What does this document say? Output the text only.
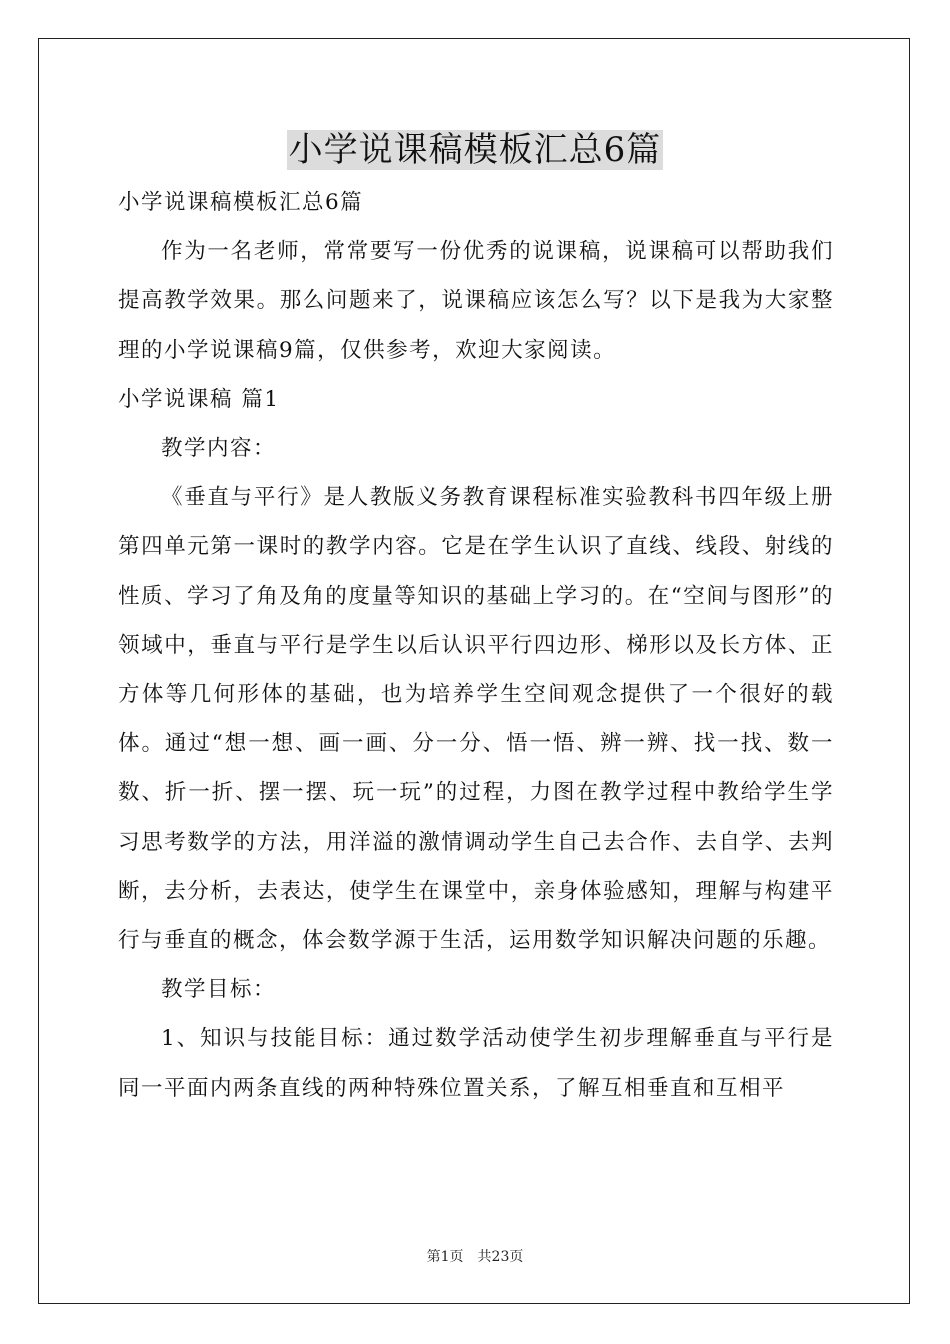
小学说课稿模板汇总6篇

小学说课稿模板汇总6篇

作为一名老师，常常要写一份优秀的说课稿，说课稿可以帮助我们提高教学效果。那么问题来了，说课稿应该怎么写？以下是我为大家整理的小学说课稿9篇，仅供参考，欢迎大家阅读。

小学说课稿 篇1

教学内容：

《垂直与平行》是人教版义务教育课程标准实验教科书四年级上册第四单元第一课时的教学内容。它是在学生认识了直线、线段、射线的性质、学习了角及角的度量等知识的基础上学习的。在“空间与图形”的领域中，垂直与平行是学生以后认识平行四边形、梯形以及长方体、正方体等几何形体的基础，也为培养学生空间观念提供了一个很好的载体。通过“想一想、画一画、分一分、悟一悟、辨一辨、找一找、数一数、折一折、摆一摆、玩一玩”的过程，力图在教学过程中教给学生学习思考数学的方法，用洋溢的激情调动学生自己去合作、去自学、去判断，去分析，去表达，使学生在课堂中，亲身体验感知，理解与构建平行与垂直的概念，体会数学源于生活，运用数学知识解决问题的乐趣。

教学目标：

1、知识与技能目标：通过数学活动使学生初步理解垂直与平行是同一平面内两条直线的两种特殊位置关系，了解互相垂直和互相平

第1页 共23页
